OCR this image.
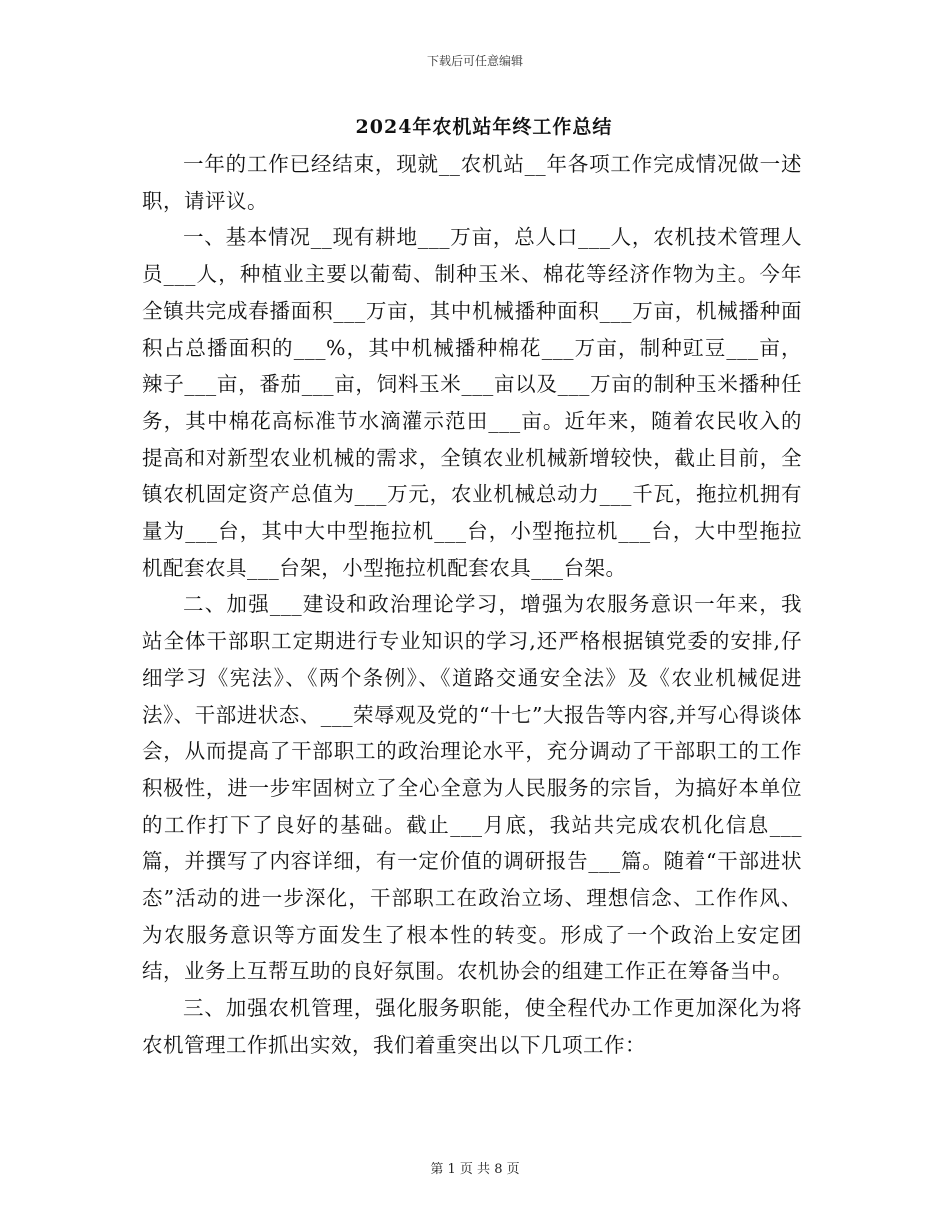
下载后可任意编辑
2024年农机站年终工作总结

一年的工作已经结束，现就__农机站__年各项工作完成情况做一述职，请评议。

一、基本情况__现有耕地___万亩，总人口___人，农机技术管理人员___人，种植业主要以葡萄、制种玉米、棉花等经济作物为主。今年全镇共完成春播面积___万亩，其中机械播种面积___万亩，机械播种面积占总播面积的___%，其中机械播种棉花___万亩，制种豇豆___亩，辣子___亩，番茄___亩，饲料玉米___亩以及___万亩的制种玉米播种任务，其中棉花高标准节水滴灌示范田___亩。近年来，随着农民收入的提高和对新型农业机械的需求，全镇农业机械新增较快，截止目前，全镇农机固定资产总值为___万元，农业机械总动力___千瓦，拖拉机拥有量为___台，其中大中型拖拉机___台，小型拖拉机___台，大中型拖拉机配套农具___台架，小型拖拉机配套农具___台架。

二、加强___建设和政治理论学习，增强为农服务意识一年来，我站全体干部职工定期进行专业知识的学习,还严格根据镇党委的安排,仔细学习《宪法》、《两个条例》、《道路交通安全法》及《农业机械促进法》、干部进状态、___荣辱观及党的“十七”大报告等内容,并写心得谈体会，从而提高了干部职工的政治理论水平，充分调动了干部职工的工作积极性，进一步牢固树立了全心全意为人民服务的宗旨，为搞好本单位的工作打下了良好的基础。截止___月底，我站共完成农机化信息___篇，并撰写了内容详细，有一定价值的调研报告___篇。随着“干部进状态”活动的进一步深化，干部职工在政治立场、理想信念、工作作风、为农服务意识等方面发生了根本性的转变。形成了一个政治上安定团结，业务上互帮互助的良好氛围。农机协会的组建工作正在筹备当中。

三、加强农机管理，强化服务职能，使全程代办工作更加深化为将农机管理工作抓出实效，我们着重突出以下几项工作：

第 1 页 共 8 页
